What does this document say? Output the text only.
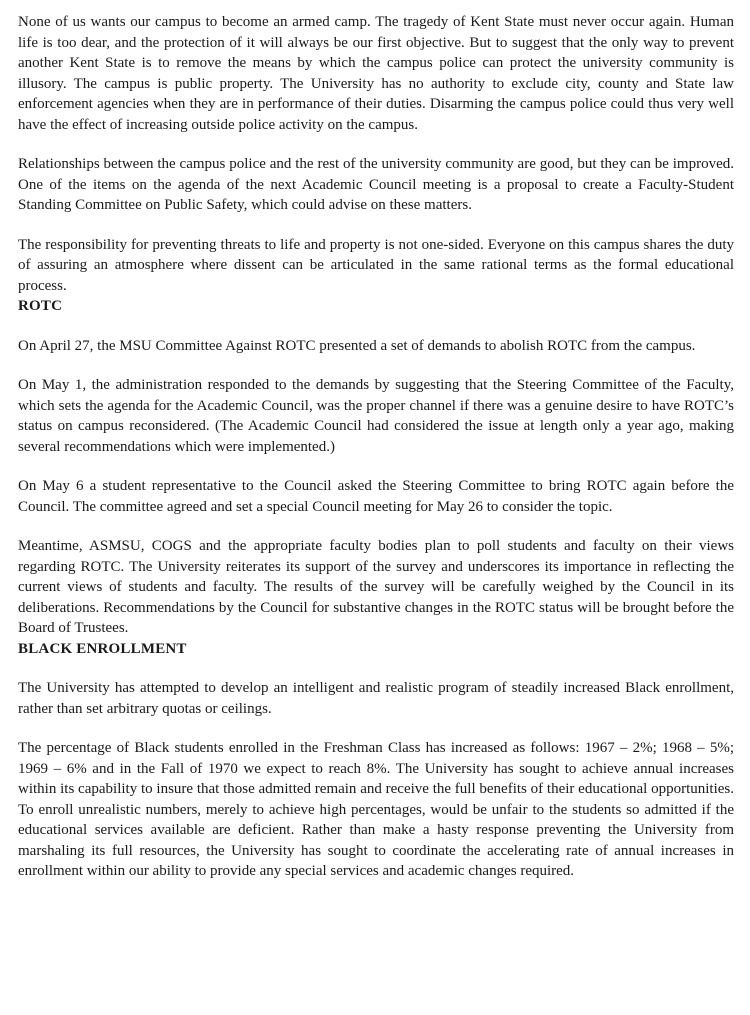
None of us wants our campus to become an armed camp. The tragedy of Kent State must never occur again. Human life is too dear, and the protection of it will always be our first objective. But to suggest that the only way to prevent another Kent State is to remove the means by which the campus police can protect the university community is illusory. The campus is public property. The University has no authority to exclude city, county and State law enforcement agencies when they are in performance of their duties. Disarming the campus police could thus very well have the effect of increasing outside police activity on the campus.

Relationships between the campus police and the rest of the university community are good, but they can be improved. One of the items on the agenda of the next Academic Council meeting is a proposal to create a Faculty-Student Standing Committee on Public Safety, which could advise on these matters.

The responsibility for preventing threats to life and property is not one-sided. Everyone on this campus shares the duty of assuring an atmosphere where dissent can be articulated in the same rational terms as the formal educational process.

ROTC

On April 27, the MSU Committee Against ROTC presented a set of demands to abolish ROTC from the campus.

On May 1, the administration responded to the demands by suggesting that the Steering Committee of the Faculty, which sets the agenda for the Academic Council, was the proper channel if there was a genuine desire to have ROTC’s status on campus reconsidered. (The Academic Council had considered the issue at length only a year ago, making several recommendations which were implemented.)

On May 6 a student representative to the Council asked the Steering Committee to bring ROTC again before the Council. The committee agreed and set a special Council meeting for May 26 to consider the topic.

Meantime, ASMSU, COGS and the appropriate faculty bodies plan to poll students and faculty on their views regarding ROTC. The University reiterates its support of the survey and underscores its importance in reflecting the current views of students and faculty. The results of the survey will be carefully weighed by the Council in its deliberations. Recommendations by the Council for substantive changes in the ROTC status will be brought before the Board of Trustees.

BLACK ENROLLMENT

The University has attempted to develop an intelligent and realistic program of steadily increased Black enrollment, rather than set arbitrary quotas or ceilings.

The percentage of Black students enrolled in the Freshman Class has increased as follows: 1967 – 2%; 1968 – 5%; 1969 – 6% and in the Fall of 1970 we expect to reach 8%. The University has sought to achieve annual increases within its capability to insure that those admitted remain and receive the full benefits of their educational opportunities. To enroll unrealistic numbers, merely to achieve high percentages, would be unfair to the students so admitted if the educational services available are deficient. Rather than make a hasty response preventing the University from marshaling its full resources, the University has sought to coordinate the accelerating rate of annual increases in enrollment within our ability to provide any special services and academic changes required.
